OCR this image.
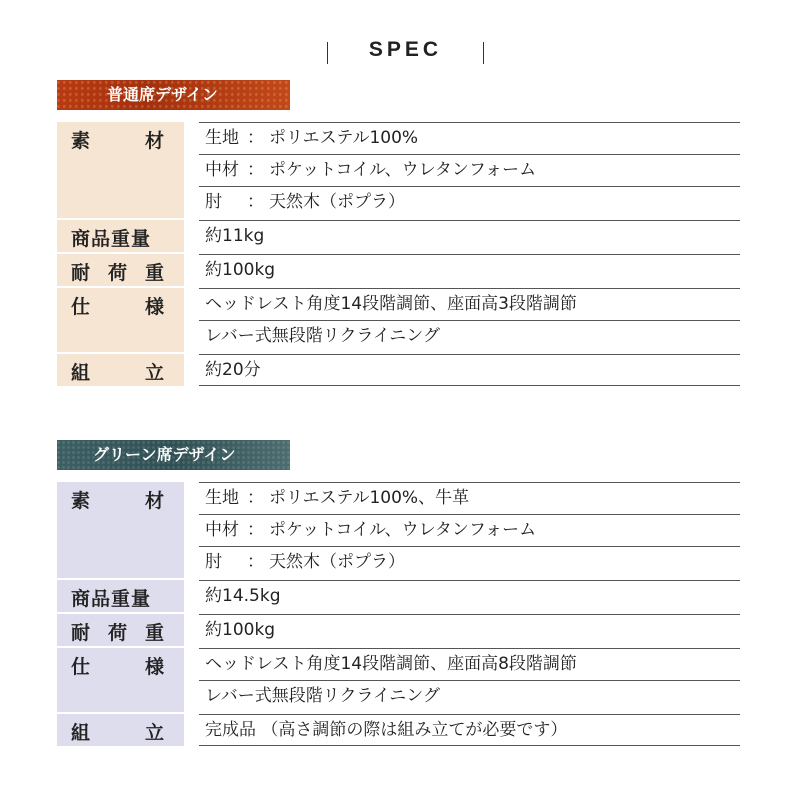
SPEC
普通席デザイン
素	材	生地 ： ポリエステル100%
中材 ： ポケットコイル、ウレタンフォーム
肘 ： 天然木（ポプラ）
商品重量	約11kg
耐 荷 重	約100kg
仕	様	ヘッドレスト角度14段階調節、座面高3段階調節
レバー式無段階リクライニング
組	立	約20分
グリーン席デザイン
素	材	生地 ： ポリエステル100%、牛革
中材 ： ポケットコイル、ウレタンフォーム
肘 ： 天然木（ポプラ）
商品重量	約14.5kg
耐 荷 重	約100kg
仕	様	ヘッドレスト角度14段階調節、座面高8段階調節
レバー式無段階リクライニング
組	立	完成品 （高さ調節の際は組み立てが必要です）
